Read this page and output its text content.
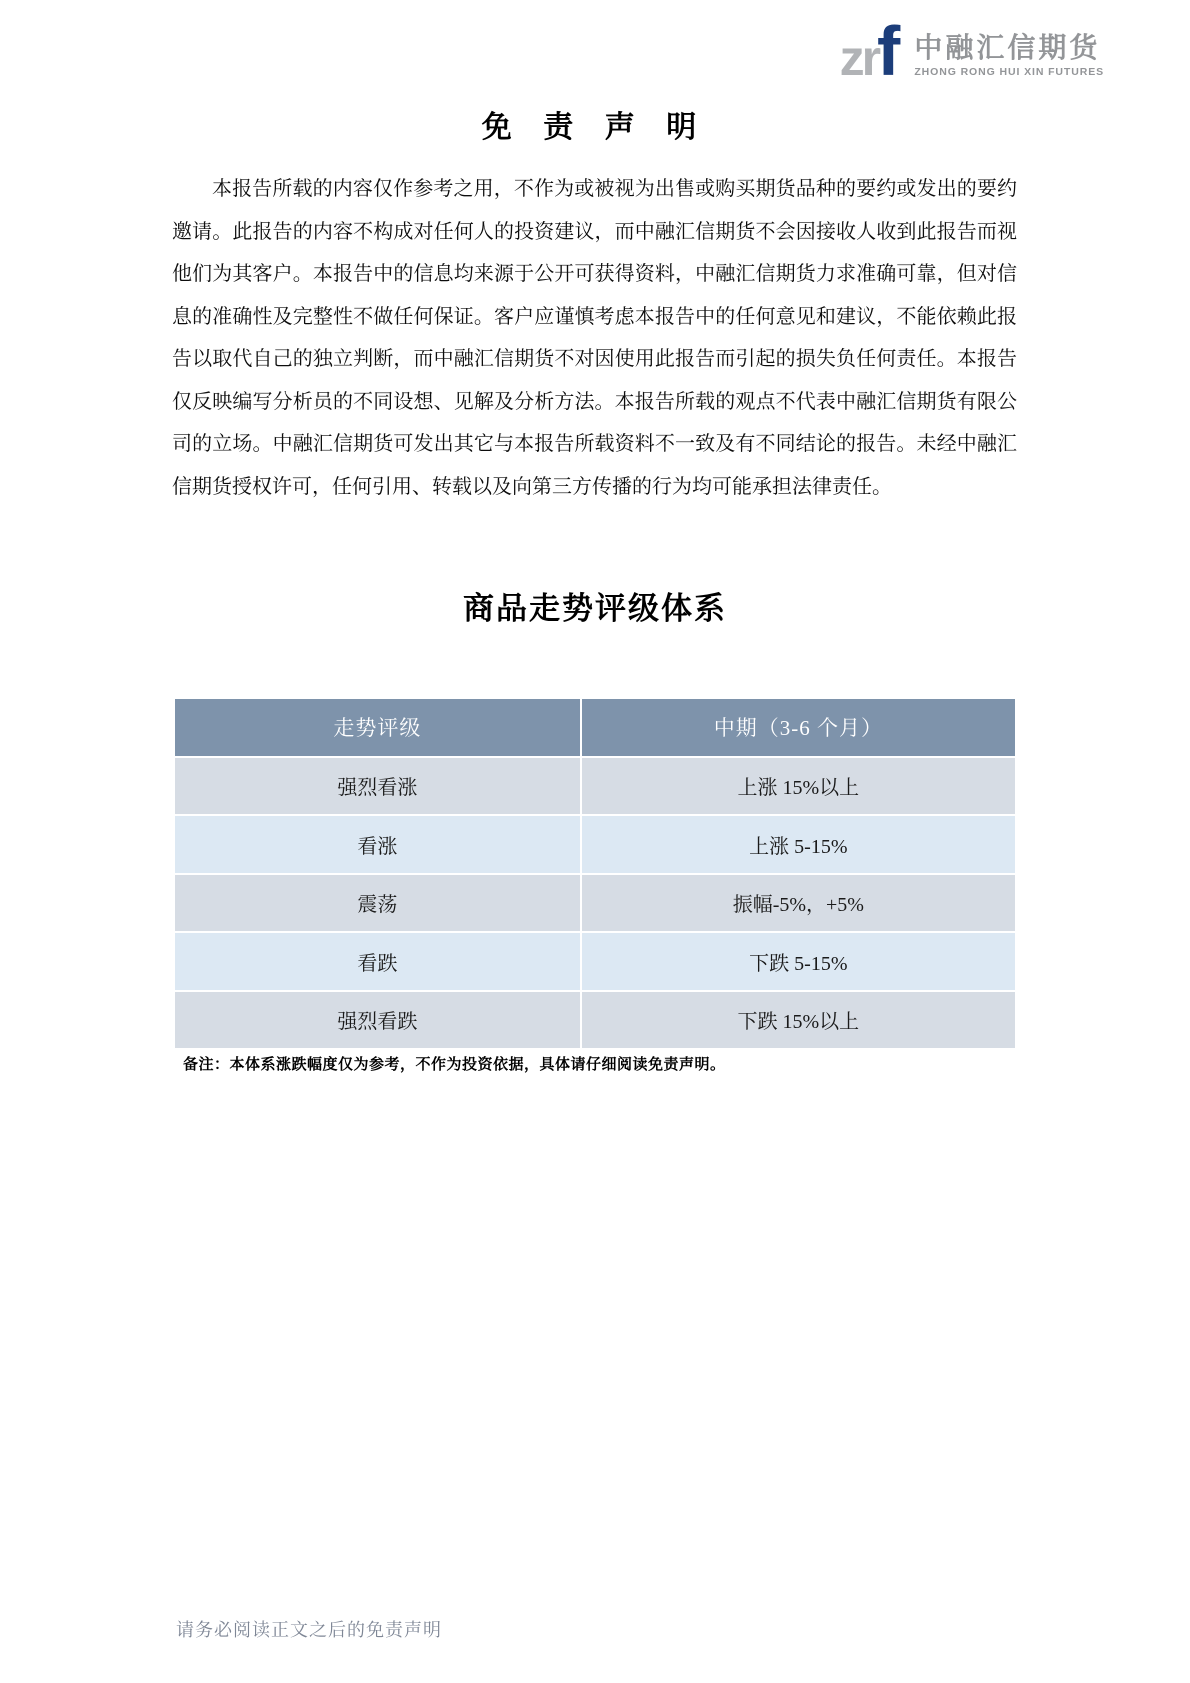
zr f 中融汇信期货
ZHONG RONG HUI XIN FUTURES
免 责 声 明

本报告所载的内容仅作参考之用，不作为或被视为出售或购买期货品种的要约或发出的要约邀请。此报告的内容不构成对任何人的投资建议，而中融汇信期货不会因接收人收到此报告而视他们为其客户。本报告中的信息均来源于公开可获得资料，中融汇信期货力求准确可靠，但对信息的准确性及完整性不做任何保证。客户应谨慎考虑本报告中的任何意见和建议，不能依赖此报告以取代自己的独立判断，而中融汇信期货不对因使用此报告而引起的损失负任何责任。本报告仅反映编写分析员的不同设想、见解及分析方法。本报告所载的观点不代表中融汇信期货有限公司的立场。中融汇信期货可发出其它与本报告所载资料不一致及有不同结论的报告。未经中融汇信期货授权许可，任何引用、转载以及向第三方传播的行为均可能承担法律责任。

商品走势评级体系
走势评级	中期（3-6 个月）
强烈看涨	上涨 15%以上
看涨	上涨 5-15%
震荡	振幅-5%，+5%
看跌	下跌 5-15%
强烈看跌	下跌 15%以上

备注：本体系涨跌幅度仅为参考，不作为投资依据，具体请仔细阅读免责声明。

请务必阅读正文之后的免责声明
